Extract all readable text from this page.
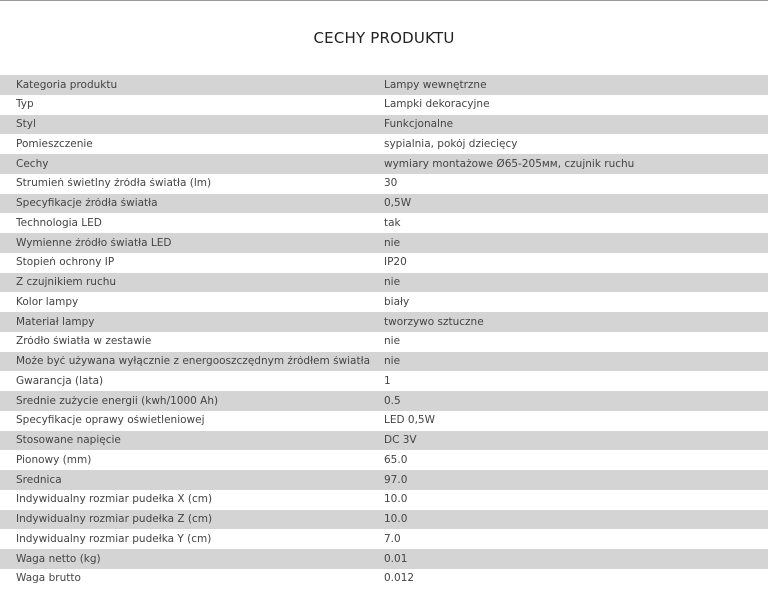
CECHY PRODUKTU
Kategoria produktu	Lampy wewnętrzne
Typ	Lampki dekoracyjne
Styl	Funkcjonalne
Pomieszczenie	sypialnia, pokój dziecięcy
Cechy	wymiary montażowe Ø65-205мм, czujnik ruchu
Strumień świetlny źródła światła (lm)	30
Specyfikacje źródła światła	0,5W
Technologia LED	tak
Wymienne źródło światła LED	nie
Stopień ochrony IP	IP20
Z czujnikiem ruchu	nie
Kolor lampy	biały
Materiał lampy	tworzywo sztuczne
Źródło światła w zestawie	nie
Może być używana wyłącznie z energooszczędnym źródłem światła	nie
Gwarancja (lata)	1
Średnie zużycie energii (kwh/1000 Ah)	0.5
Specyfikacje oprawy oświetleniowej	LED 0,5W
Stosowane napięcie	DC 3V
Pionowy (mm)	65.0
Średnica	97.0
Indywidualny rozmiar pudełka X (cm)	10.0
Indywidualny rozmiar pudełka Z (cm)	10.0
Indywidualny rozmiar pudełka Y (cm)	7.0
Waga netto (kg)	0.01
Waga brutto	0.012
